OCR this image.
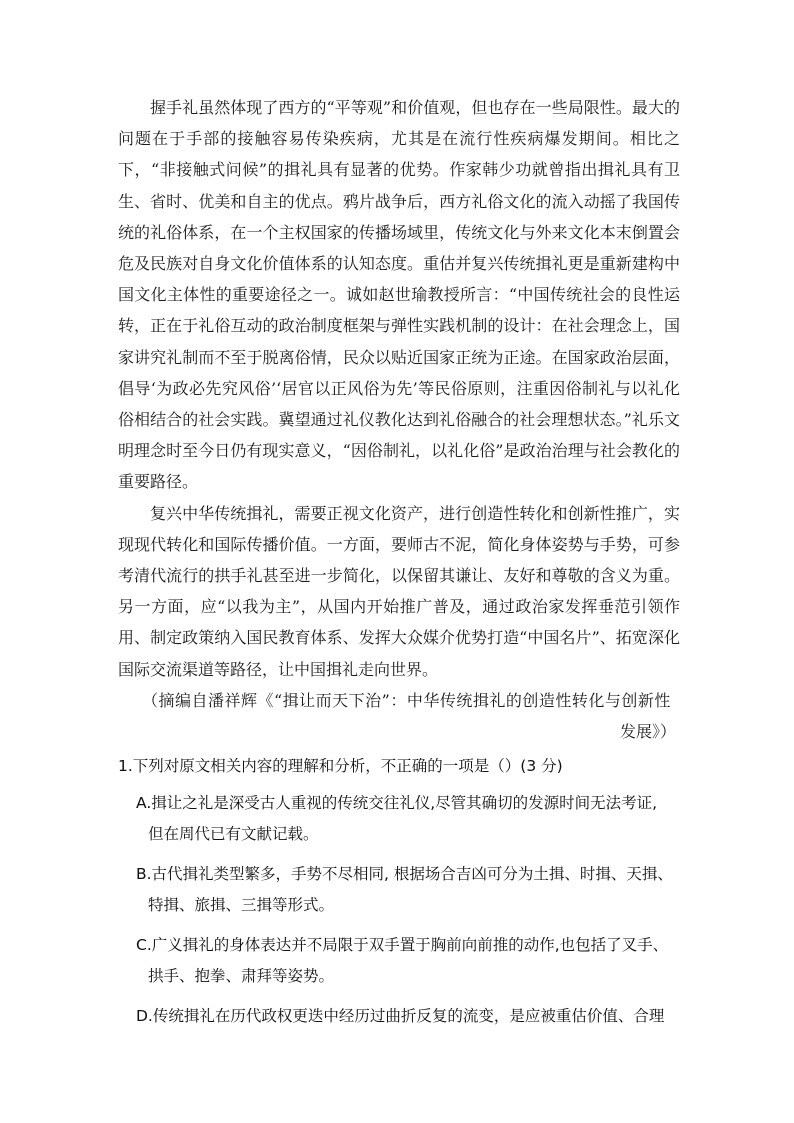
握手礼虽然体现了西方的“平等观”和价值观，但也存在一些局限性。最大的问题在于手部的接触容易传染疾病，尤其是在流行性疾病爆发期间。相比之下，“非接触式问候”的揖礼具有显著的优势。作家韩少功就曾指出揖礼具有卫生、省时、优美和自主的优点。鸦片战争后，西方礼俗文化的流入动摇了我国传统的礼俗体系，在一个主权国家的传播场域里，传统文化与外来文化本末倒置会危及民族对自身文化价值体系的认知态度。重估并复兴传统揖礼更是重新建构中国文化主体性的重要途径之一。诚如赵世瑜教授所言：“中国传统社会的良性运转，正在于礼俗互动的政治制度框架与弹性实践机制的设计：在社会理念上，国家讲究礼制而不至于脱离俗情，民众以贴近国家正统为正途。在国家政治层面，倡导‘为政必先究风俗’‘居官以正风俗为先’等民俗原则，注重因俗制礼与以礼化俗相结合的社会实践。冀望通过礼仪教化达到礼俗融合的社会理想状态。”礼乐文明理念时至今日仍有现实意义，“因俗制礼，以礼化俗”是政治治理与社会教化的重要路径。

复兴中华传统揖礼，需要正视文化资产，进行创造性转化和创新性推广，实现现代转化和国际传播价值。一方面，要师古不泥，简化身体姿势与手势，可参考清代流行的拱手礼甚至进一步简化，以保留其谦让、友好和尊敬的含义为重。另一方面，应“以我为主”，从国内开始推广普及，通过政治家发挥垂范引领作用、制定政策纳入国民教育体系、发挥大众媒介优势打造“中国名片”、拓宽深化国际交流渠道等路径，让中国揖礼走向世界。

（摘编自潘祥辉《“揖让而天下治”：中华传统揖礼的创造性转化与创新性
发展》）
1.下列对原文相关内容的理解和分析，不正确的一项是（）(3 分)
A.揖让之礼是深受古人重视的传统交往礼仪,尽管其确切的发源时间无法考证,
但在周代已有文献记载。
B.古代揖礼类型繁多，手势不尽相同, 根据场合吉凶可分为土揖、时揖、天揖、
特揖、旅揖、三揖等形式。
C.广义揖礼的身体表达并不局限于双手置于胸前向前推的动作,也包括了叉手、
拱手、抱拳、肃拜等姿势。
D.传统揖礼在历代政权更迭中经历过曲折反复的流变，是应被重估价值、合理
